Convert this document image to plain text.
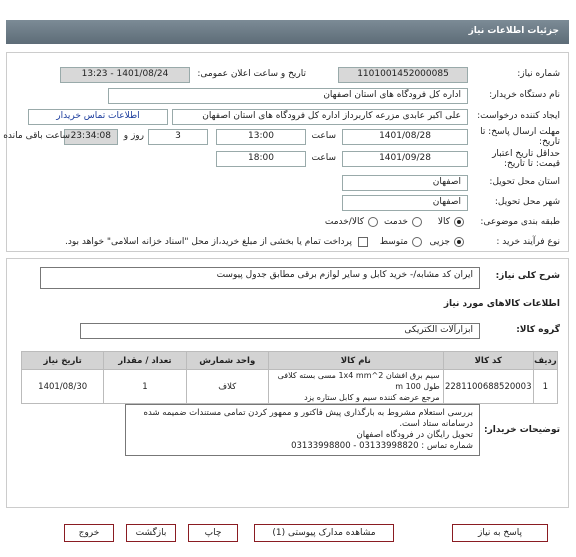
جزئیات اطلاعات نیاز
شماره نیاز:
1101001452000085
تاریخ و ساعت اعلان عمومی:
1401/08/24 - 13:23
نام دستگاه خریدار:
اداره کل فرودگاه های استان اصفهان
ایجاد کننده درخواست:
علی اکبر عابدی مزرعه کاربرداز اداره کل فرودگاه های استان اصفهان
اطلاعات تماس خریدار
مهلت ارسال پاسخ: تا تاریخ:
1401/08/28
ساعت
13:00
3
روز و
23:34:08
ساعت باقی مانده
حداقل تاریخ اعتبار قیمت: تا تاریخ:
1401/09/28
ساعت
18:00
استان محل تحویل:
اصفهان
شهر محل تحویل:
اصفهان
طبقه بندی موضوعی:
کالا
خدمت
کالا/خدمت
نوع فرآیند خرید :
جزیی
متوسط
پرداخت تمام یا بخشی از مبلغ خرید،از محل "اسناد خزانه اسلامی" خواهد بود.
شرح کلی نیاز:
ایران کد مشابه/- خرید کابل و سایر لوازم برقی مطابق جدول پیوست
اطلاعات کالاهای مورد نیاز
گروه کالا:
ابزارآلات الکتریکی
ردیف	کد کالا	نام کالا	واحد شمارش	تعداد / مقدار	تاریخ نیاز
1	2281100688520003	سیم برق افشان 2^1x4 mm مسی بسته کلافی طول 100 m
مرجع عرضه کننده سیم و کابل ستاره یزد	کلاف	1	1401/08/30
توضیحات خریدار:
بررسی استعلام مشروط به بارگذاری پیش فاکتور و ممهور کردن تمامی مستندات ضمیمه شده
درسامانه ستاد است.
تحویل رایگان در فرودگاه اصفهان
شماره تماس : 03133998820 - 03133998800
پاسخ به نیاز
مشاهده مدارک پیوستی (1)
چاپ
بازگشت
خروج
